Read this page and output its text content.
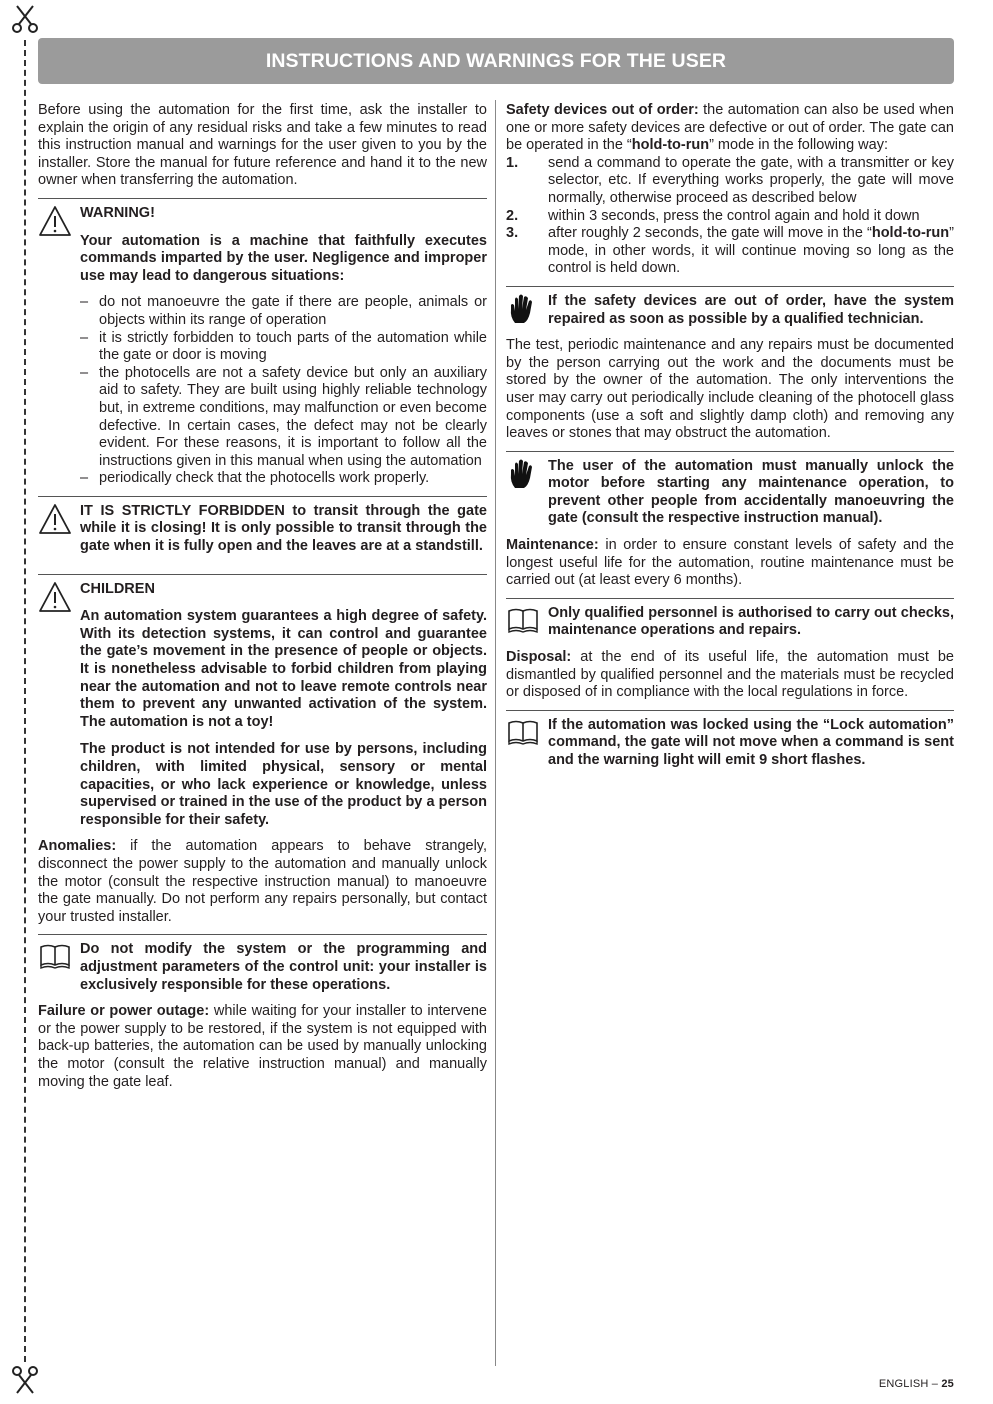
INSTRUCTIONS AND WARNINGS FOR THE USER

Before using the automation for the first time, ask the installer to explain the origin of any residual risks and take a few minutes to read this instruction manual and warnings for the user given to you by the installer. Store the manual for future reference and hand it to the new owner when transferring the automation.

WARNING!

Your automation is a machine that faithfully executes commands imparted by the user. Negligence and improper use may lead to dangerous situations:

– do not manoeuvre the gate if there are people, animals or objects within its range of operation
– it is strictly forbidden to touch parts of the automation while the gate or door is moving
– the photocells are not a safety device but only an auxiliary aid to safety. They are built using highly reliable technology but, in extreme conditions, may malfunction or even become defective. In certain cases, the defect may not be clearly evident. For these reasons, it is important to follow all the instructions given in this manual when using the automation
– periodically check that the photocells work properly.

IT IS STRICTLY FORBIDDEN to transit through the gate while it is closing! It is only possible to transit through the gate when it is fully open and the leaves are at a standstill.

CHILDREN

An automation system guarantees a high degree of safety. With its detection systems, it can control and guarantee the gate’s movement in the presence of people or objects. It is nonetheless advisable to forbid children from playing near the automation and not to leave remote controls near them to prevent any unwanted activation of the system. The automation is not a toy!

The product is not intended for use by persons, including children, with limited physical, sensory or mental capacities, or who lack experience or knowledge, unless supervised or trained in the use of the product by a person responsible for their safety.

Anomalies: if the automation appears to behave strangely, disconnect the power supply to the automation and manually unlock the motor (consult the respective instruction manual) to manoeuvre the gate manually. Do not perform any repairs personally, but contact your trusted installer.

Do not modify the system or the programming and adjustment parameters of the control unit: your installer is exclusively responsible for these operations.

Failure or power outage: while waiting for your installer to intervene or the power supply to be restored, if the system is not equipped with back-up batteries, the automation can be used by manually unlocking the motor (consult the relative instruction manual) and manually moving the gate leaf.

Safety devices out of order: the automation can also be used when one or more safety devices are defective or out of order. The gate can be operated in the “hold-to-run” mode in the following way:

1. send a command to operate the gate, with a transmitter or key selector, etc. If everything works properly, the gate will move normally, otherwise proceed as described below
2. within 3 seconds, press the control again and hold it down
3. after roughly 2 seconds, the gate will move in the “hold-to-run” mode, in other words, it will continue moving so long as the control is held down.

If the safety devices are out of order, have the system repaired as soon as possible by a qualified technician.

The test, periodic maintenance and any repairs must be documented by the person carrying out the work and the documents must be stored by the owner of the automation. The only interventions the user may carry out periodically include cleaning of the photocell glass components (use a soft and slightly damp cloth) and removing any leaves or stones that may obstruct the automation.

The user of the automation must manually unlock the motor before starting any maintenance operation, to prevent other people from accidentally manoeuvring the gate (consult the respective instruction manual).

Maintenance: in order to ensure constant levels of safety and the longest useful life for the automation, routine maintenance must be carried out (at least every 6 months).

Only qualified personnel is authorised to carry out checks, maintenance operations and repairs.

Disposal: at the end of its useful life, the automation must be dismantled by qualified personnel and the materials must be recycled or disposed of in compliance with the local regulations in force.

If the automation was locked using the “Lock automation” command, the gate will not move when a command is sent and the warning light will emit 9 short flashes.

ENGLISH – 25
